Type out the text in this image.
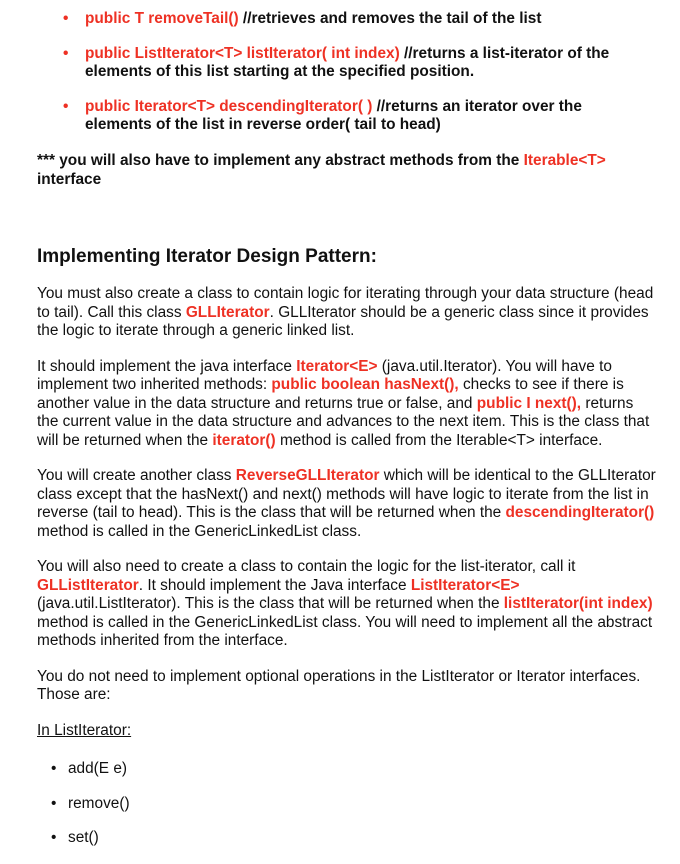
• public T removeTail() //retrieves and removes the tail of the list
• public ListIterator<T> listIterator( int index) //returns a list-iterator of the elements of this list starting at the specified position.
• public Iterator<T> descendingIterator( ) //returns an iterator over the elements of the list in reverse order( tail to head)
*** you will also have to implement any abstract methods from the Iterable<T> interface
Implementing Iterator Design Pattern:

You must also create a class to contain logic for iterating through your data structure (head to tail). Call this class GLLIterator. GLLIterator should be a generic class since it provides the logic to iterate through a generic linked list.

It should implement the java interface Iterator<E> (java.util.Iterator). You will have to implement two inherited methods: public boolean hasNext(), checks to see if there is another value in the data structure and returns true or false, and public I next(), returns the current value in the data structure and advances to the next item. This is the class that will be returned when the iterator() method is called from the Iterable<T> interface.

You will create another class ReverseGLLIterator which will be identical to the GLLIterator class except that the hasNext() and next() methods will have logic to iterate from the list in reverse (tail to head). This is the class that will be returned when the descendingIterator() method is called in the GenericLinkedList class.

You will also need to create a class to contain the logic for the list-iterator, call it GLListIterator. It should implement the Java interface ListIterator<E> (java.util.ListIterator). This is the class that will be returned when the listIterator(int index) method is called in the GenericLinkedList class. You will need to implement all the abstract methods inherited from the interface.

You do not need to implement optional operations in the ListIterator or Iterator interfaces. Those are:

In ListIterator:

• add(E e)
• remove()
• set()
